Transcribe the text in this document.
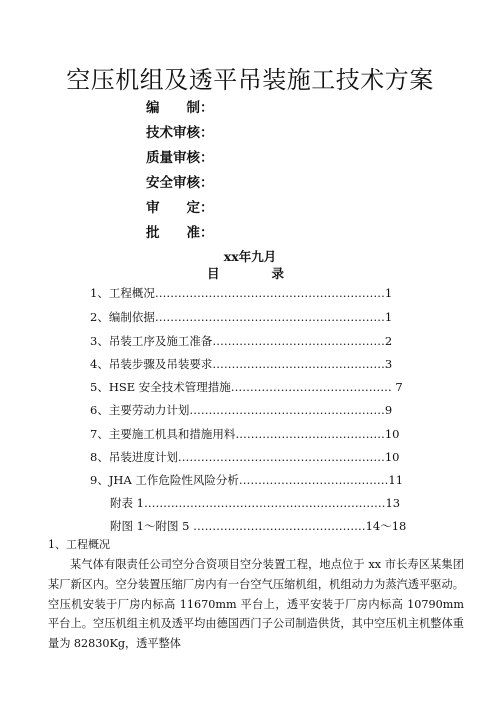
空压机组及透平吊装施工技术方案
编　　制：
技术审核：
质量审核：
安全审核：
审　　定：
批　　准：
xx年九月
目	录
1、工程概况……………………………………………………1
2、编制依据……………………………………………………1
3、吊装工序及施工准备………………………………………2
4、吊装步骤及吊装要求………………………………………3
5、HSE 安全技术管理措施…………………………………… 7
6、主要劳动力计划……………………………………………9
7、主要施工机具和措施用料…………………………………10
8、吊装进度计划………………………………………………10
9、JHA 工作危险性风险分析…………………………………11
附表 1………………………………………………………13
附图 1～附图 5 ………………………………………14～18
1、工程概况
某气体有限责任公司空分合资项目空分装置工程，地点位于 xx 市长寿区某集团某厂新区内。空分装置压缩厂房内有一台空气压缩机组，机组动力为蒸汽透平驱动。空压机安装于厂房内标高 11670mm 平台上，透平安装于厂房内标高 10790mm 平台上。空压机组主机及透平均由德国西门子公司制造供货，其中空压机主机整体重量为 82830Kg，透平整体
